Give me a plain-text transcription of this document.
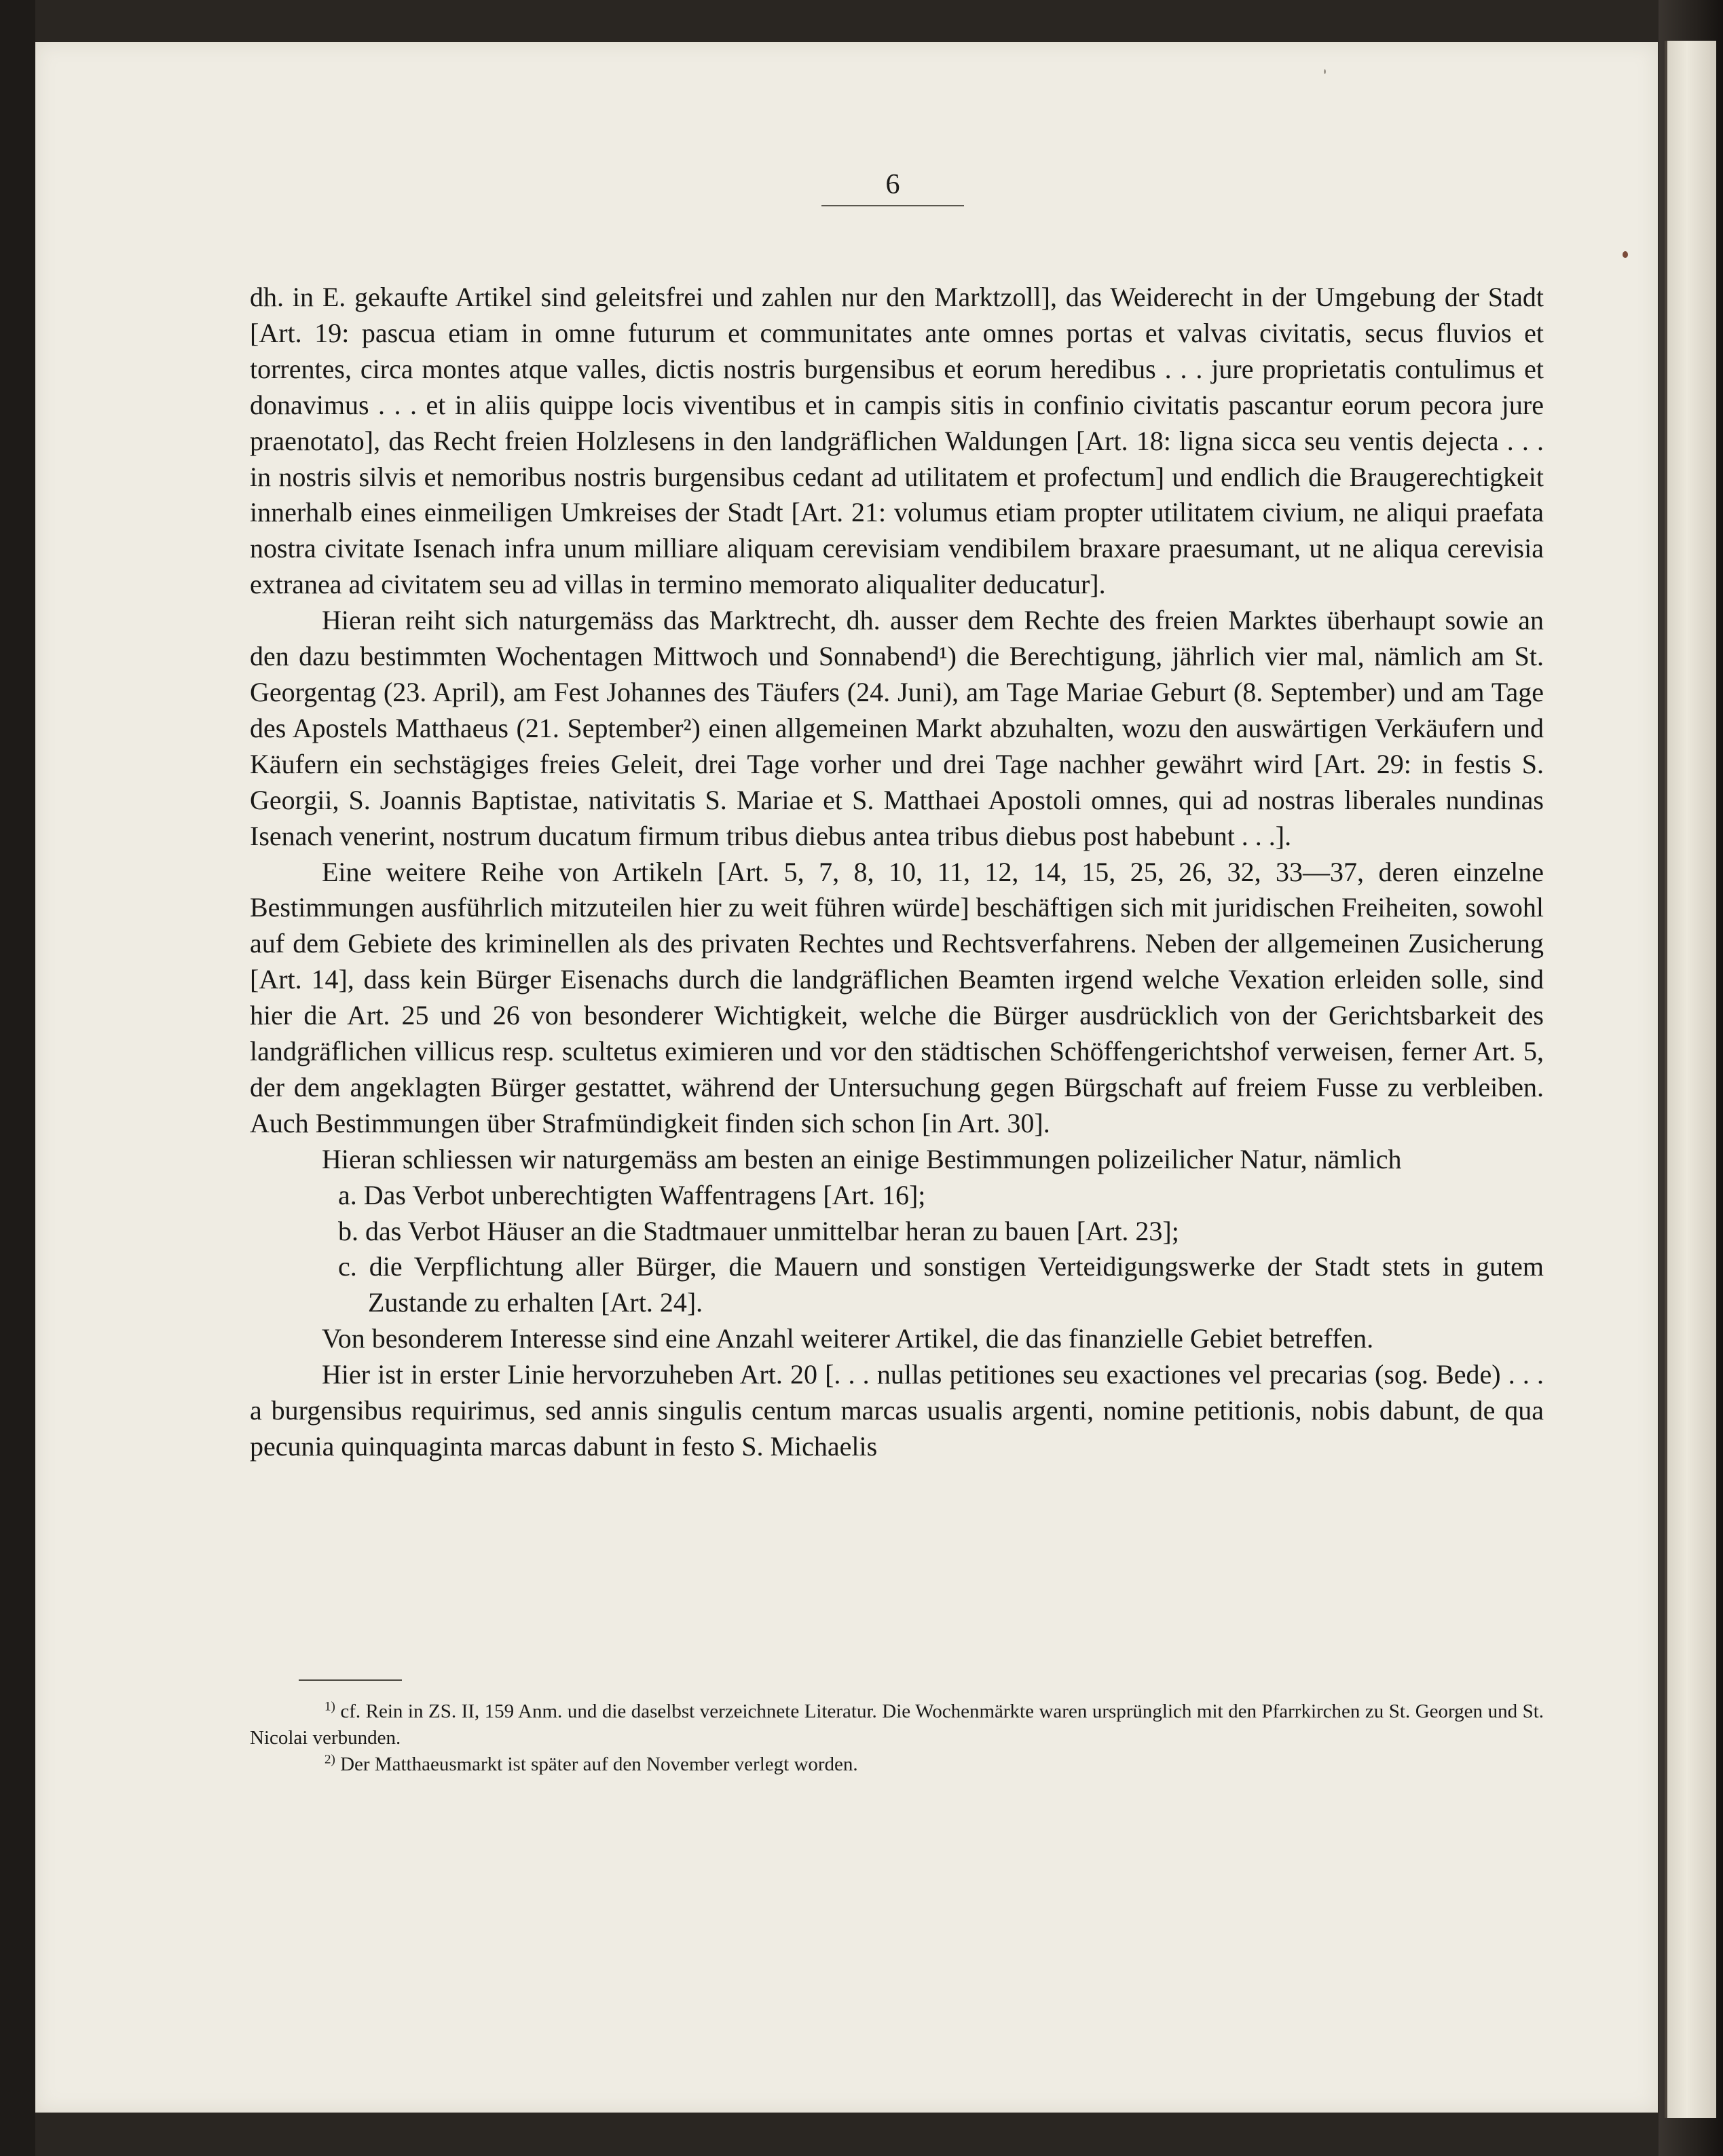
6

dh. in E. gekaufte Artikel sind geleitsfrei und zahlen nur den Marktzoll], das Weiderecht in der Umgebung der Stadt [Art. 19: pascua etiam in omne futurum et communitates ante omnes portas et valvas civitatis, secus fluvios et torrentes, circa montes atque valles, dictis nostris burgensibus et eorum heredibus . . . jure proprietatis contulimus et donavimus . . . et in aliis quippe locis viventibus et in campis sitis in confinio civitatis pascantur eorum pecora jure praenotato], das Recht freien Holzlesens in den landgräflichen Waldungen [Art. 18: ligna sicca seu ventis dejecta . . . in nostris silvis et nemoribus nostris burgensibus cedant ad utilitatem et profectum] und endlich die Braugerechtigkeit innerhalb eines einmeiligen Umkreises der Stadt [Art. 21: volumus etiam propter utilitatem civium, ne aliqui praefata nostra civitate Isenach infra unum milliare aliquam cerevisiam vendibilem braxare praesumant, ut ne aliqua cerevisia extranea ad civitatem seu ad villas in termino memorato aliqualiter deducatur].

Hieran reiht sich naturgemäss das Marktrecht, dh. ausser dem Rechte des freien Marktes überhaupt sowie an den dazu bestimmten Wochentagen Mittwoch und Sonnabend¹) die Berechtigung, jährlich vier mal, nämlich am St. Georgentag (23. April), am Fest Johannes des Täufers (24. Juni), am Tage Mariae Geburt (8. September) und am Tage des Apostels Matthaeus (21. September²) einen allgemeinen Markt abzuhalten, wozu den auswärtigen Verkäufern und Käufern ein sechstägiges freies Geleit, drei Tage vorher und drei Tage nachher gewährt wird [Art. 29: in festis S. Georgii, S. Joannis Baptistae, nativitatis S. Mariae et S. Matthaei Apostoli omnes, qui ad nostras liberales nundinas Isenach venerint, nostrum ducatum firmum tribus diebus antea tribus diebus post habebunt . . .].

Eine weitere Reihe von Artikeln [Art. 5, 7, 8, 10, 11, 12, 14, 15, 25, 26, 32, 33—37, deren einzelne Bestimmungen ausführlich mitzuteilen hier zu weit führen würde] beschäftigen sich mit juridischen Freiheiten, sowohl auf dem Gebiete des kriminellen als des privaten Rechtes und Rechtsverfahrens. Neben der allgemeinen Zusicherung [Art. 14], dass kein Bürger Eisenachs durch die landgräflichen Beamten irgend welche Vexation erleiden solle, sind hier die Art. 25 und 26 von besonderer Wichtigkeit, welche die Bürger ausdrücklich von der Gerichtsbarkeit des landgräflichen villicus resp. scultetus eximieren und vor den städtischen Schöffengerichtshof verweisen, ferner Art. 5, der dem angeklagten Bürger gestattet, während der Untersuchung gegen Bürgschaft auf freiem Fusse zu verbleiben. Auch Bestimmungen über Strafmündigkeit finden sich schon [in Art. 30].

Hieran schliessen wir naturgemäss am besten an einige Bestimmungen polizeilicher Natur, nämlich

a. Das Verbot unberechtigten Waffentragens [Art. 16];

b. das Verbot Häuser an die Stadtmauer unmittelbar heran zu bauen [Art. 23];

c. die Verpflichtung aller Bürger, die Mauern und sonstigen Verteidigungswerke der Stadt stets in gutem Zustande zu erhalten [Art. 24].

Von besonderem Interesse sind eine Anzahl weiterer Artikel, die das finanzielle Gebiet betreffen.

Hier ist in erster Linie hervorzuheben Art. 20 [. . . nullas petitiones seu exactiones vel precarias (sog. Bede) . . . a burgensibus requirimus, sed annis singulis centum marcas usualis argenti, nomine petitionis, nobis dabunt, de qua pecunia quinquaginta marcas dabunt in festo S. Michaelis

$^{1)}$ cf. Rein in ZS. II, 159 Anm. und die daselbst verzeichnete Literatur. Die Wochenmärkte waren ursprünglich mit den Pfarrkirchen zu St. Georgen und St. Nicolai verbunden.

$^{2)}$ Der Matthaeusmarkt ist später auf den November verlegt worden.
